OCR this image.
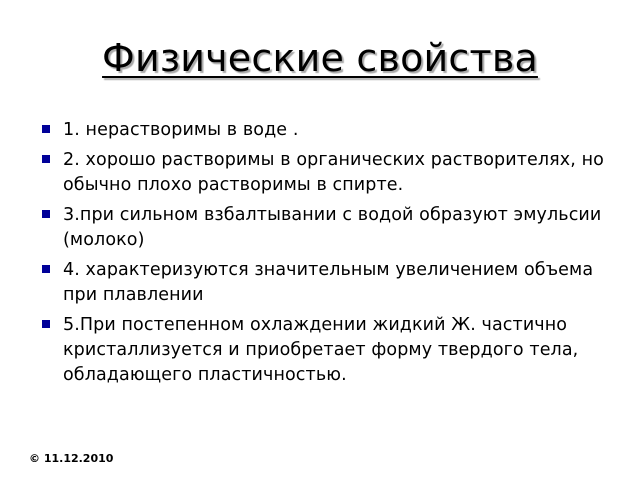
Физические свойства
1. нерастворимы в воде .
2. хорошо растворимы в органических растворителях, но обычно плохо растворимы в спирте.
3.при сильном взбалтывании с водой образуют эмульсии (молоко)
4. характеризуются значительным увеличением объема при плавлении
5.При постепенном охлаждении жидкий Ж. частично кристаллизуется и приобретает форму твердого тела, обладающего пластичностью.
© 11.12.2010
